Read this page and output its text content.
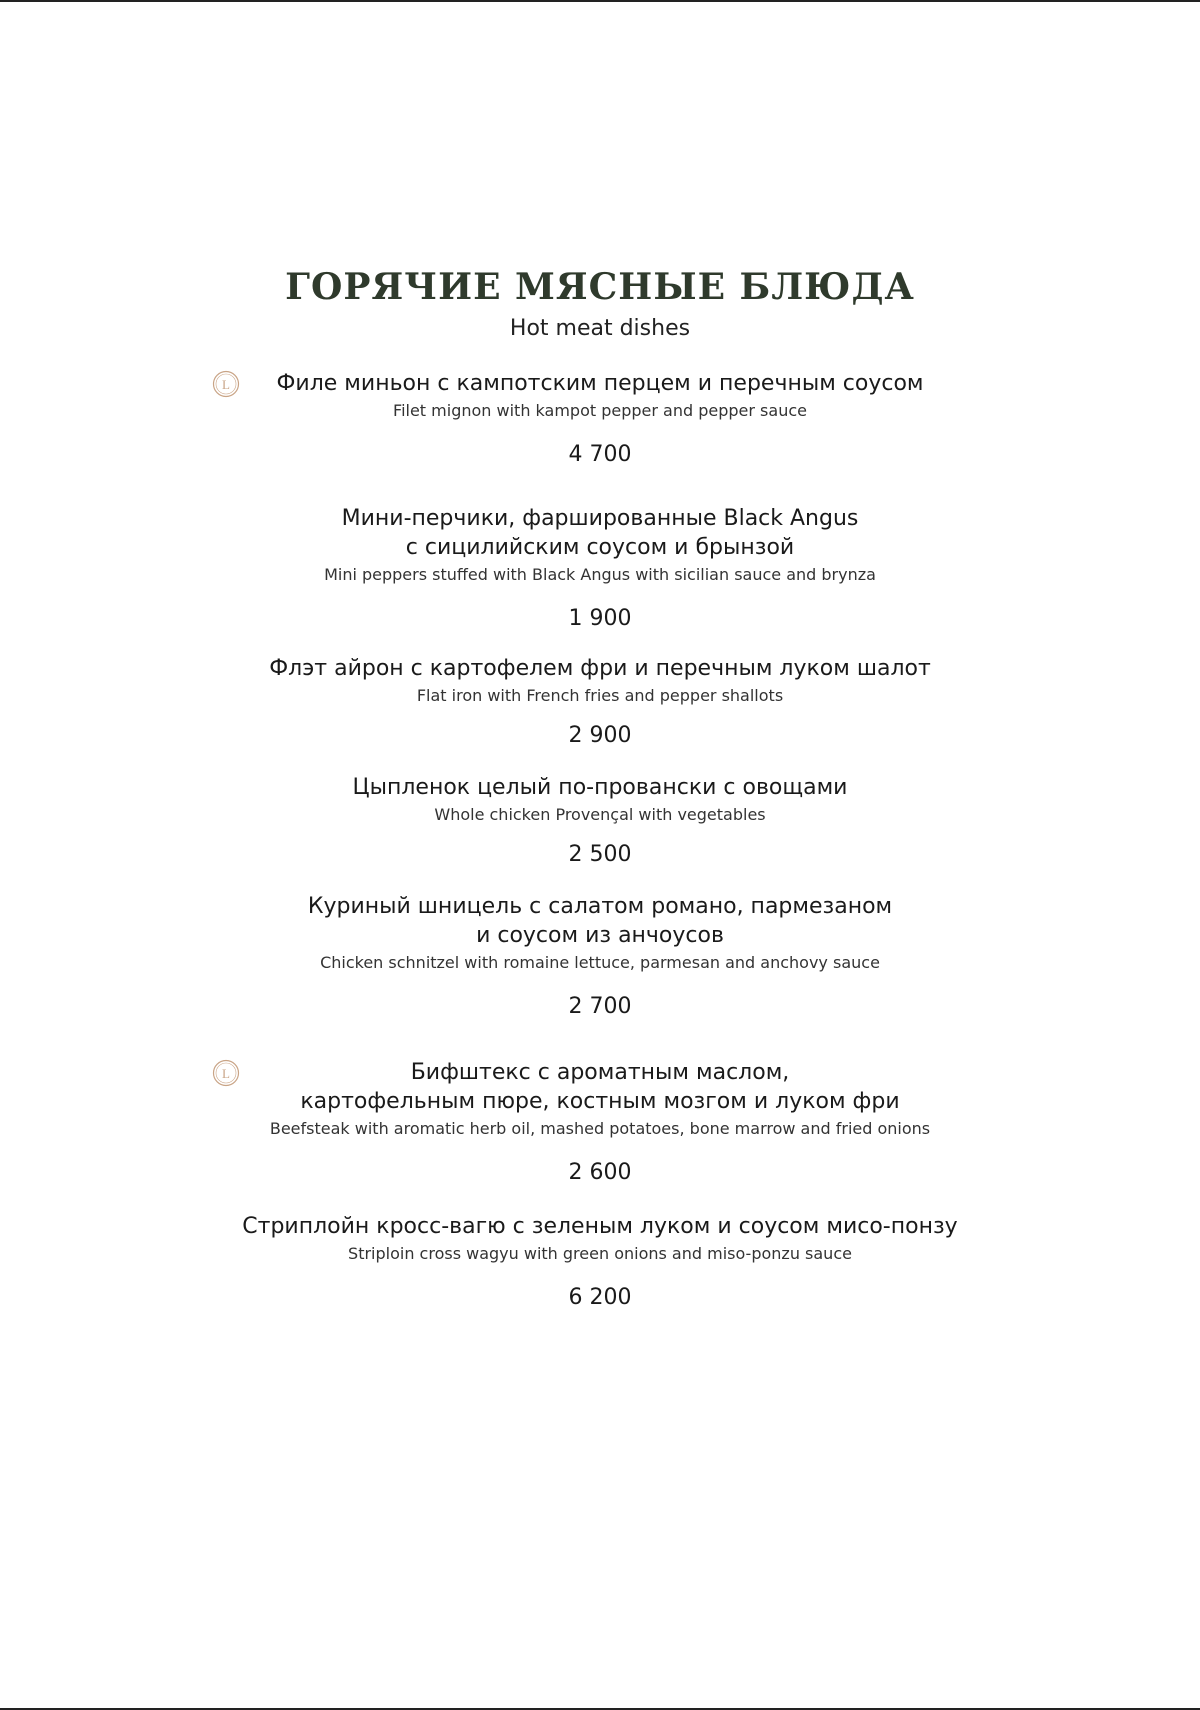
ГОРЯЧИЕ МЯСНЫЕ БЛЮДА

Hot meat dishes

L	Филе миньон с кампотским перцем и перечным соусом
Filet mignon with kampot pepper and pepper sauce
4 700
Мини-перчики, фаршированные Black Angus
с сицилийским соусом и брынзой
Mini peppers stuffed with Black Angus with sicilian sauce and brynza
1 900
Флэт айрон с картофелем фри и перечным луком шалот
Flat iron with French fries and pepper shallots
2 900
Цыпленок целый по-провански с овощами
Whole chicken Provençal with vegetables
2 500
Куриный шницель с салатом романо, пармезаном
и соусом из анчоусов
Chicken schnitzel with romaine lettuce, parmesan and anchovy sauce
2 700
L	Бифштекс с ароматным маслом,
картофельным пюре, костным мозгом и луком фри
Beefsteak with aromatic herb oil, mashed potatoes, bone marrow and fried onions
2 600
Стриплойн кросс-вагю с зеленым луком и соусом мисо-понзу
Striploin cross wagyu with green onions and miso-ponzu sauce
6 200
